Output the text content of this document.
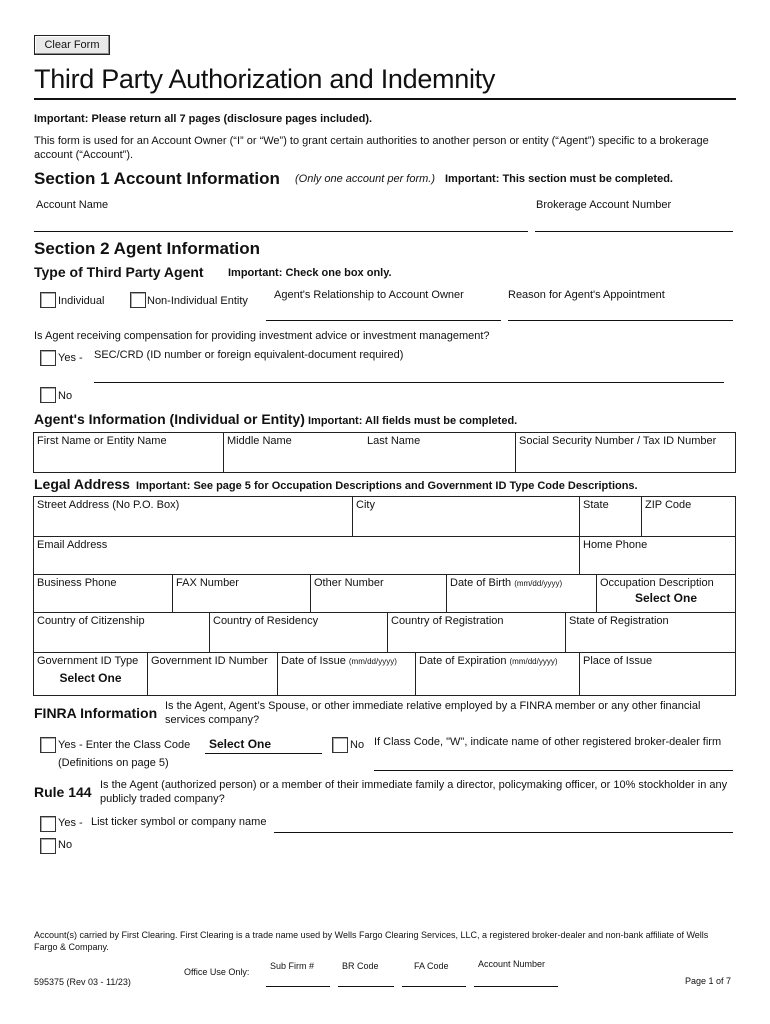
Clear Form
Third Party Authorization and Indemnity
Important: Please return all 7 pages (disclosure pages included).
This form is used for an Account Owner (“I” or “We”) to grant certain authorities to another person or entity (“Agent”) specific to a brokerage account (“Account”).
Section 1 Account Information (Only one account per form.) Important: This section must be completed.
Account Name	Brokerage Account Number
Section 2 Agent Information
Type of Third Party Agent Important: Check one box only.
Individual	Non-Individual Entity Agent's Relationship to Account Owner	Reason for Agent's Appointment
Is Agent receiving compensation for providing investment advice or investment management?
Yes - SEC/CRD (ID number or foreign equivalent-document required)
No
Agent's Information (Individual or Entity) Important: All fields must be completed.
First Name or Entity Name	Middle Name	Last Name	Social Security Number / Tax ID Number
Legal Address Important: See page 5 for Occupation Descriptions and Government ID Type Code Descriptions.
Street Address (No P.O. Box)	City	State	ZIP Code
Email Address	Home Phone
Business Phone	FAX Number	Other Number	Date of Birth (mm/dd/yyyy)	Occupation Description
Select One
Country of Citizenship	Country of Residency	Country of Registration	State of Registration
Government ID Type
Select One
Government ID Number	Date of Issue (mm/dd/yyyy)	Date of Expiration (mm/dd/yyyy)	Place of Issue
FINRA Information Is the Agent, Agent’s Spouse, or other immediate relative employed by a FINRA member or any other financial services company?
Yes - Enter the Class Code Select One
(Definitions on page 5)
No If Class Code, "W", indicate name of other registered broker-dealer firm
Rule 144 Is the Agent (authorized person) or a member of their immediate family a director, policymaking officer, or 10% stockholder in any publicly traded company?
Yes - List ticker symbol or company name
No
Account(s) carried by First Clearing. First Clearing is a trade name used by Wells Fargo Clearing Services, LLC, a registered broker-dealer and non-bank affiliate of Wells Fargo & Company.
Office Use Only:
Sub Firm #	BR Code	FA Code	Account Number
595375 (Rev 03 - 11/23)	Page 1 of 7
